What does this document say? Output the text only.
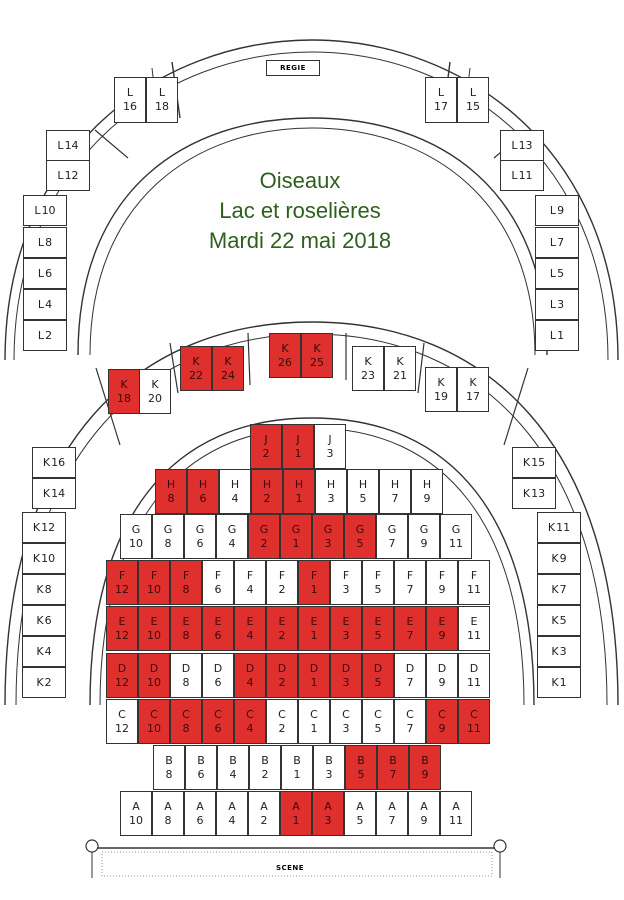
REGIE
SCENE
Oiseaux
Lac et roselières
Mardi 22 mai 2018
L
16
L
18
L 14
L 12
L 10
L 8
L 6
L 4
L 2
L
17
L
15
L 13
L 11
L 9
L 7
L 5
L 3
L 1
K
18
K
20
K
22
K
24
K
26
K
25	K
23
K
21
K
19
K
17
K 16
K 14
K 12
K 10
K 8
K 6
K 4
K 2
K 15
K 13
K 11
K 9
K 7
K 5
K 3
K 1
J
2
J
1
J
3
H
8
H
6
H
4
H
2
H
1
H
3
H
5
H
7
H
9
G
10
G
8
G
6
G
4
G
2
G
1
G
3
G
5
G
7
G
9
G
11
F
12
F
10
F
8
F
6
F
4
F
2
F
1
F
3
F
5
F
7
F
9
F
11
E
12
E
10
E
8
E
6
E
4
E
2
E
1
E
3
E
5
E
7
E
9
E
11
D
12
D
10
D
8
D
6
D
4
D
2
D
1
D
3
D
5
D
7
D
9
D
11
C
12
C
10
C
8
C
6
C
4
C
2
C
1
C
3
C
5
C
7
C
9
C
11
B
8
B
6
B
4
B
2
B
1
B
3
B
5
B
7
B
9
A
10
A
8
A
6
A
4
A
2
A
1
A
3
A
5
A
7
A
9
A
11
